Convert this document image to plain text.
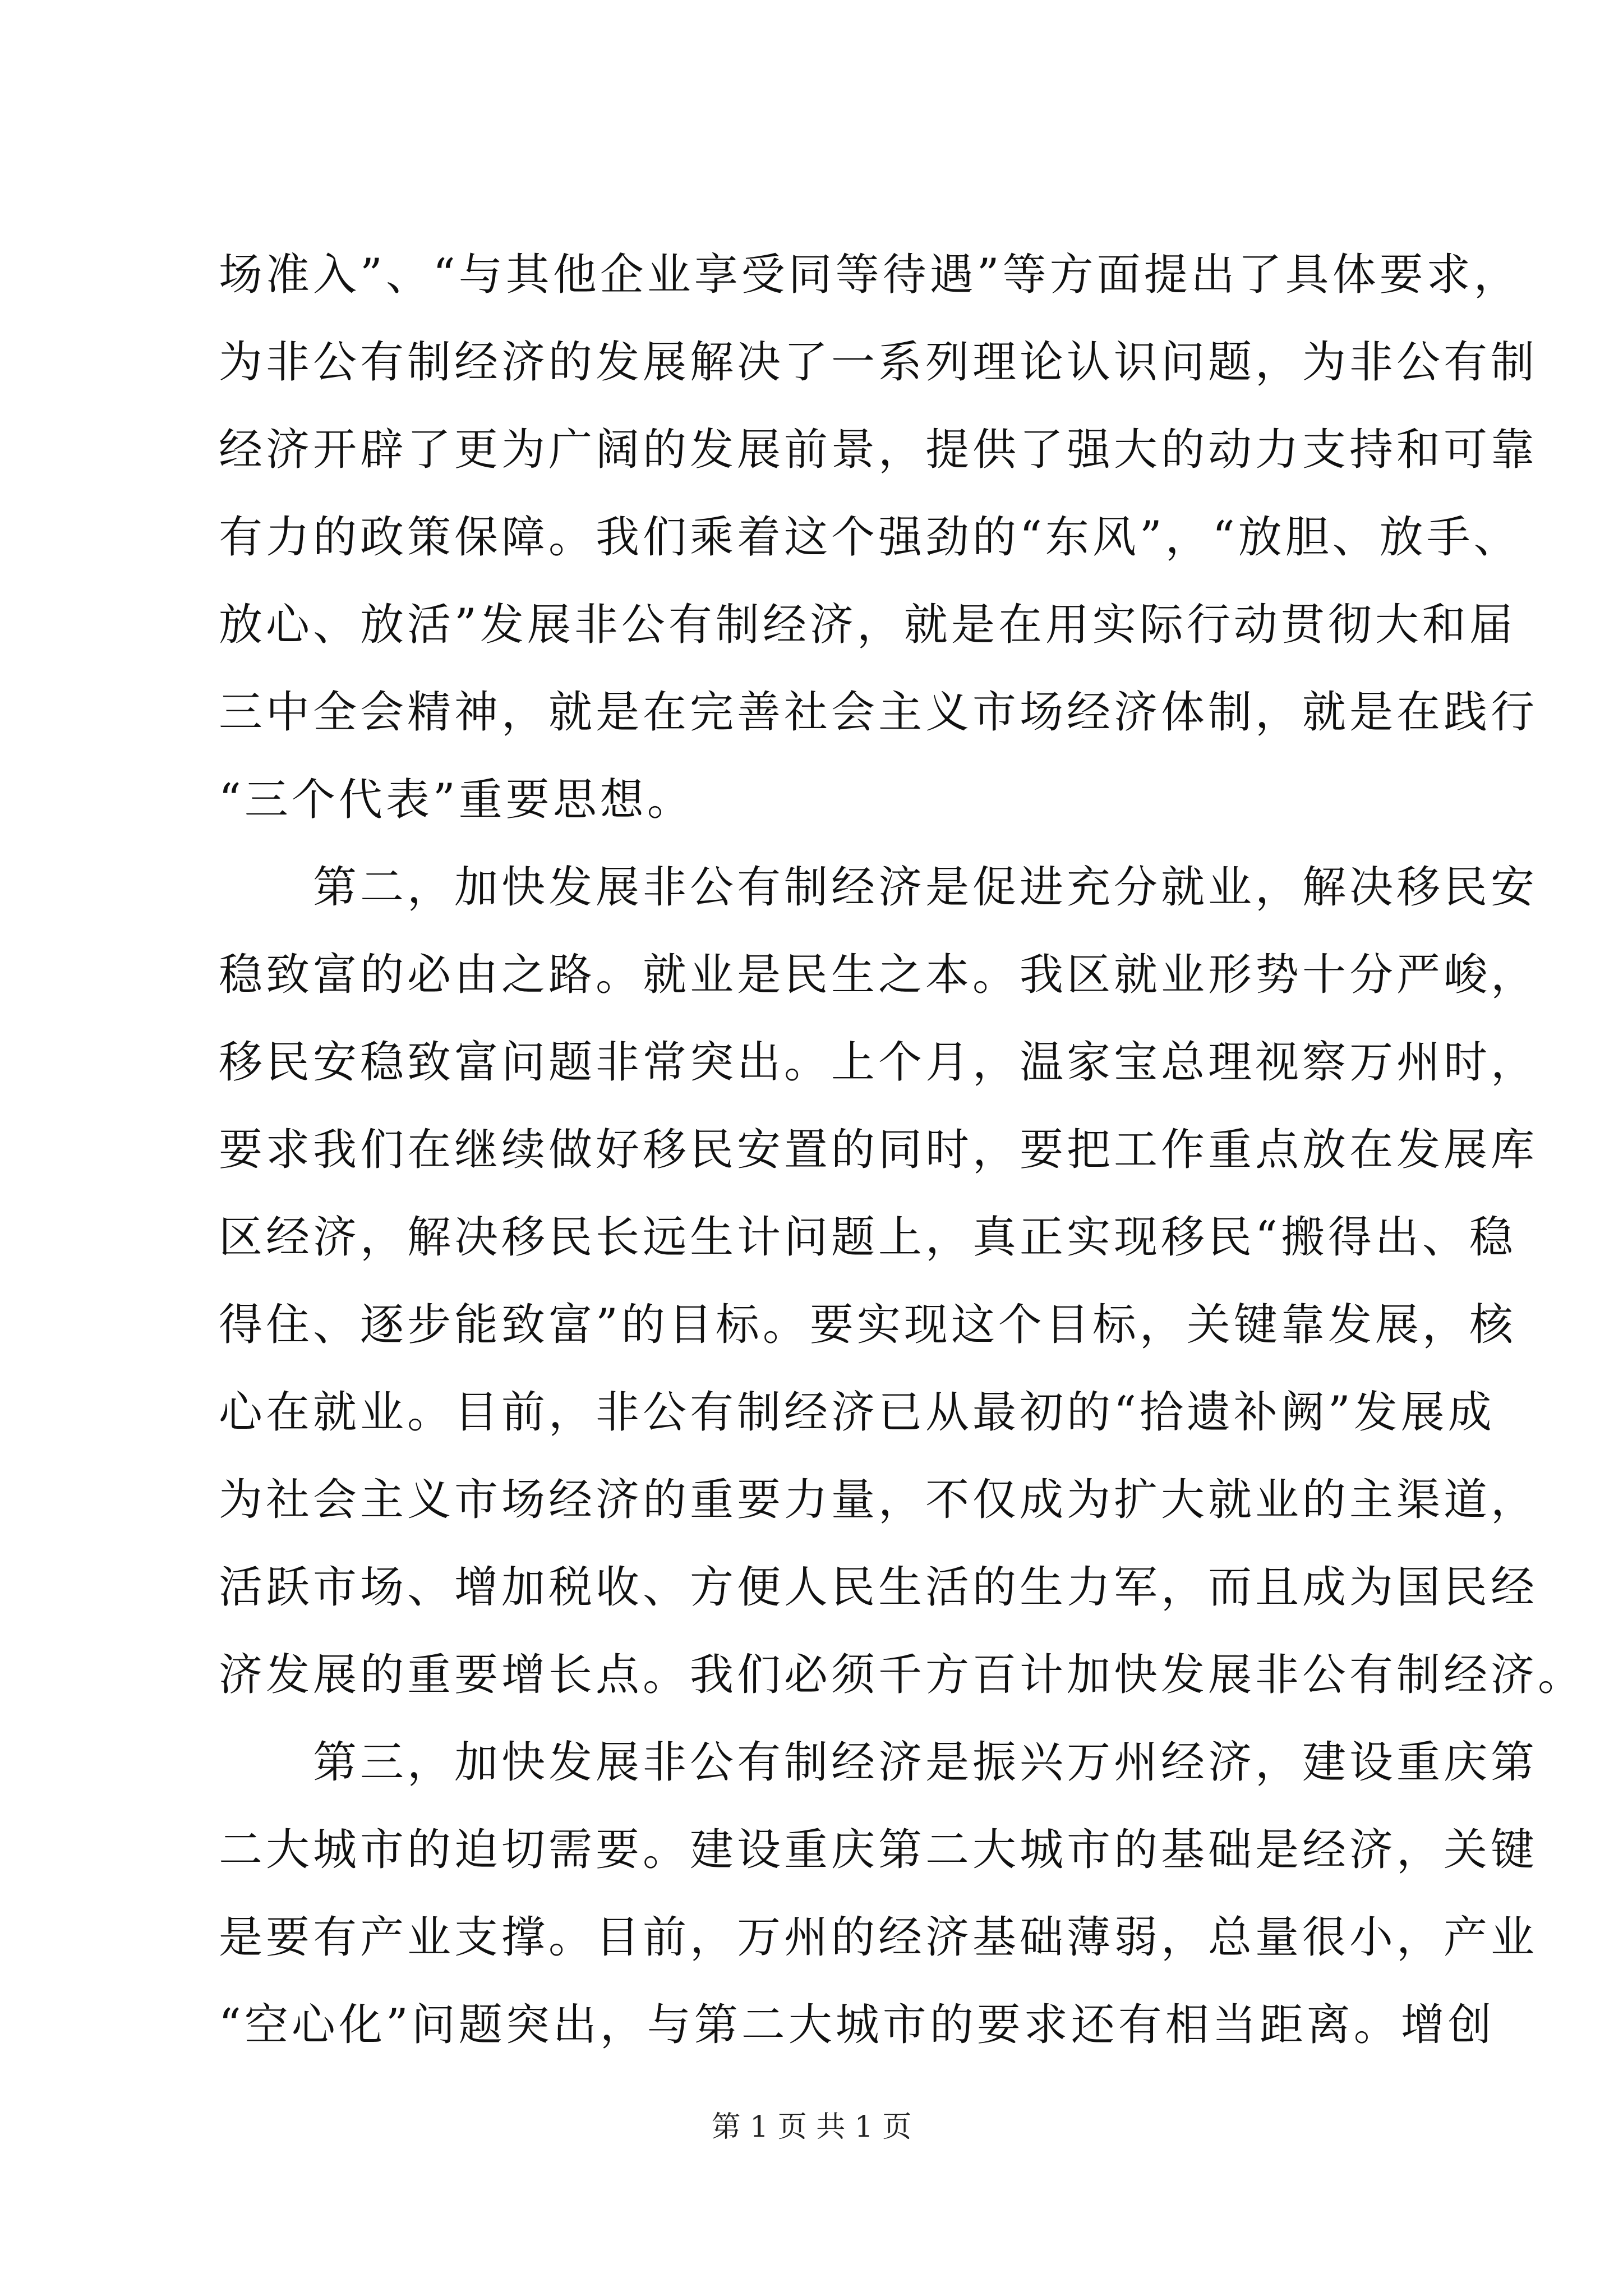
场准入”、“与其他企业享受同等待遇”等方面提出了具体要求，
为非公有制经济的发展解决了一系列理论认识问题，为非公有制
经济开辟了更为广阔的发展前景，提供了强大的动力支持和可靠
有力的政策保障。我们乘着这个强劲的“东风”，“放胆、放手、
放心、放活”发展非公有制经济，就是在用实际行动贯彻大和届
三中全会精神，就是在完善社会主义市场经济体制，就是在践行
“三个代表”重要思想。
　　第二，加快发展非公有制经济是促进充分就业，解决移民安
稳致富的必由之路。就业是民生之本。我区就业形势十分严峻，
移民安稳致富问题非常突出。上个月，温家宝总理视察万州时，
要求我们在继续做好移民安置的同时，要把工作重点放在发展库
区经济，解决移民长远生计问题上，真正实现移民“搬得出、稳
得住、逐步能致富”的目标。要实现这个目标，关键靠发展，核
心在就业。目前，非公有制经济已从最初的“拾遗补阙”发展成
为社会主义市场经济的重要力量，不仅成为扩大就业的主渠道，
活跃市场、增加税收、方便人民生活的生力军，而且成为国民经
济发展的重要增长点。我们必须千方百计加快发展非公有制经济。
　　第三，加快发展非公有制经济是振兴万州经济，建设重庆第
二大城市的迫切需要。建设重庆第二大城市的基础是经济，关键
是要有产业支撑。目前，万州的经济基础薄弱，总量很小，产业
“空心化”问题突出，与第二大城市的要求还有相当距离。增创
第 1 页 共 1 页
